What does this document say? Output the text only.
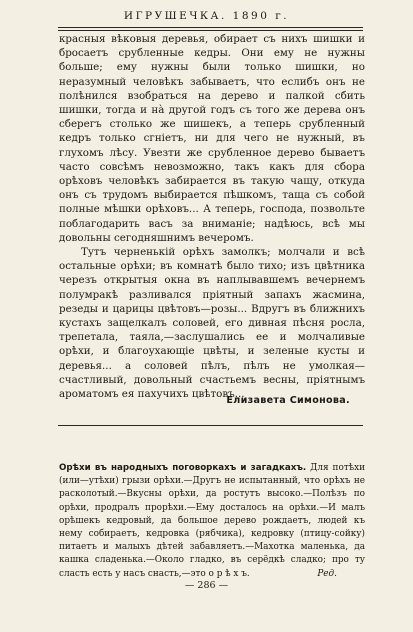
ИГРУШЕЧКА. 1890 г.

красныя вѣковыя деревья, обирает съ нихъ шишки и бросаетъ срубленные кедры. Они ему не нужны больше; ему нужны были только шишки, но неразумный человѣкъ забываетъ, что еслибъ онъ не полѣнился взобраться на дерево и палкой сбить шишки, тогда и на̀ другой годъ съ того же дерева онъ сберегъ столько же шишекъ, а теперь срубленный кедръ только сгніетъ, ни для чего не нужный, въ глухомъ лѣсу. Увезти же срубленное дерево бываетъ часто совсѣмъ невозможно, такъ какъ для сбора орѣховъ человѣкъ забирается въ такую чащу, откуда онъ съ трудомъ выбирается пѣшкомъ, таща съ собой полные мѣшки орѣховъ... А теперь, господа, позвольте поблагодарить васъ за вниманіе; надѣюсь, всѣ мы довольны сегодняшнимъ вечеромъ.

Тутъ черненькій орѣхъ замолкъ; молчали и всѣ остальные орѣхи; въ комнатѣ было тихо; изъ цвѣтника черезъ открытыя окна въ наплывавшемъ вечернемъ полумракѣ разливался пріятный запахъ жасмина, резеды и царицы цвѣтовъ—розы... Вдругъ въ ближнихъ кустахъ защелкалъ соловей, его дивная пѣсня росла, трепетала, таяла,—заслушались ее и молчаливые орѣхи, и благоухающіе цвѣты, и зеленые кусты и деревья... а соловей пѣлъ, пѣлъ не умолкая—счастливый, довольный счастьемъ весны, пріятнымъ ароматомъ ея пахучихъ цвѣтовъ...

Елизавета Симонова.
Орѣхи въ народныхъ поговоркахъ и загадкахъ. Для потѣхи (или—утѣхи) грызи орѣхи.—Другъ не испытанный, что орѣхъ не расколотый.—Вкусны орѣхи, да ростутъ высоко.—Полѣзъ по орѣхи, продралъ прорѣхи.—Ему досталось на орѣхи.—И малъ орѣшекъ кедровый, да большое дерево рождаетъ, людей къ нему собираетъ, кедровка (рябчика), кедровку (птицу-сойку) питаетъ и малыхъ дѣтей забавляетъ.—Махотка маленька, да кашка сладенька.—Около гладко, въ серёдкѣ сладко; про ту сласть есть у насъ снасть,—это о р ѣ х ъ.	Ред.
— 286 —
